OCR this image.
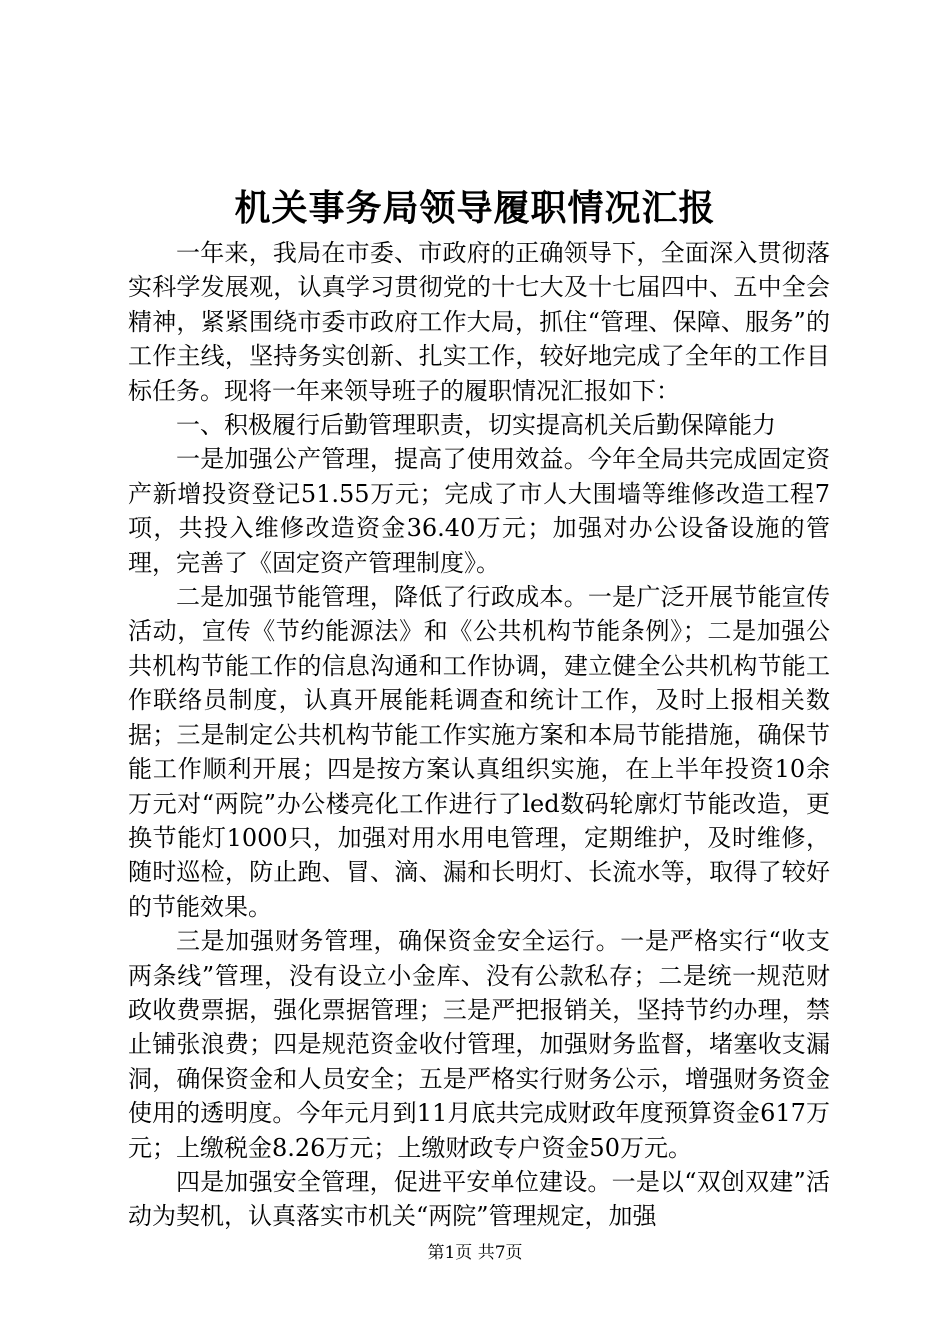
机关事务局领导履职情况汇报

一年来，我局在市委、市政府的正确领导下，全面深入贯彻落实科学发展观，认真学习贯彻党的十七大及十七届四中、五中全会精神，紧紧围绕市委市政府工作大局，抓住“管理、保障、服务”的工作主线，坚持务实创新、扎实工作，较好地完成了全年的工作目标任务。现将一年来领导班子的履职情况汇报如下：

一、积极履行后勤管理职责，切实提高机关后勤保障能力

一是加强公产管理，提高了使用效益。今年全局共完成固定资产新增投资登记51.55万元；完成了市人大围墙等维修改造工程7项，共投入维修改造资金36.40万元；加强对办公设备设施的管理，完善了《固定资产管理制度》。

二是加强节能管理，降低了行政成本。一是广泛开展节能宣传活动，宣传《节约能源法》和《公共机构节能条例》；二是加强公共机构节能工作的信息沟通和工作协调，建立健全公共机构节能工作联络员制度，认真开展能耗调查和统计工作，及时上报相关数据；三是制定公共机构节能工作实施方案和本局节能措施，确保节能工作顺利开展；四是按方案认真组织实施，在上半年投资10余万元对“两院”办公楼亮化工作进行了led数码轮廓灯节能改造，更换节能灯1000只，加强对用水用电管理，定期维护，及时维修，随时巡检，防止跑、冒、滴、漏和长明灯、长流水等，取得了较好的节能效果。

三是加强财务管理，确保资金安全运行。一是严格实行“收支两条线”管理，没有设立小金库、没有公款私存；二是统一规范财政收费票据，强化票据管理；三是严把报销关，坚持节约办理，禁止铺张浪费；四是规范资金收付管理，加强财务监督，堵塞收支漏洞，确保资金和人员安全；五是严格实行财务公示，增强财务资金使用的透明度。今年元月到11月底共完成财政年度预算资金617万元；上缴税金8.26万元；上缴财政专户资金50万元。

四是加强安全管理，促进平安单位建设。一是以“双创双建”活动为契机，认真落实市机关“两院”管理规定，加强

第1页 共7页
